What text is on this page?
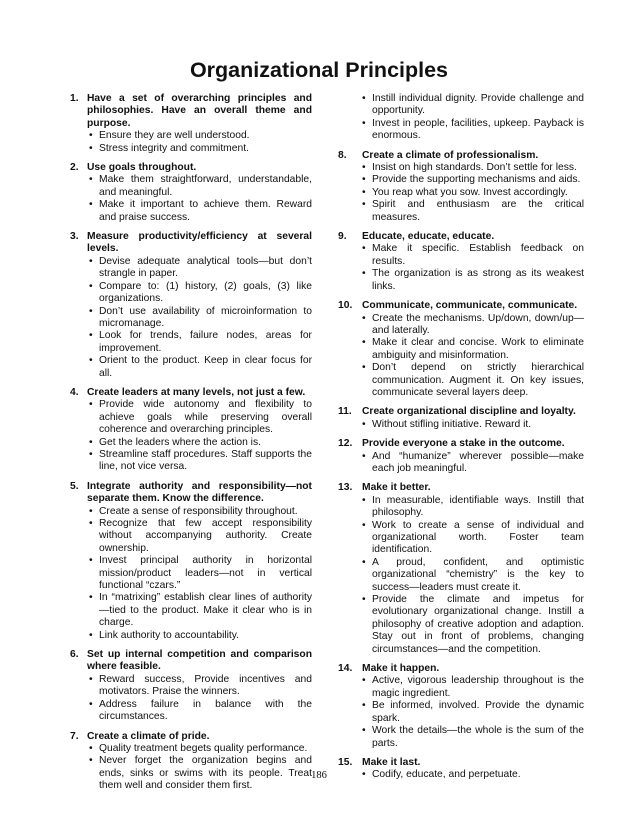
Organizational Principles
1. Have a set of overarching principles and philosophies. Have an overall theme and purpose.
• Ensure they are well understood.
• Stress integrity and commitment.
2. Use goals throughout.
• Make them straightforward, understandable, and meaningful.
• Make it important to achieve them. Reward and praise success.
3. Measure productivity/efficiency at several levels.
• Devise adequate analytical tools—but don’t strangle in paper.
• Compare to: (1) history, (2) goals, (3) like organizations.
• Don’t use availability of microinformation to micromanage.
• Look for trends, failure nodes, areas for improvement.
• Orient to the product. Keep in clear focus for all.
4. Create leaders at many levels, not just a few.
• Provide wide autonomy and flexibility to achieve goals while preserving overall coherence and overarching principles.
• Get the leaders where the action is.
• Streamline staff procedures. Staff supports the line, not vice versa.
5. Integrate authority and responsibility—not separate them. Know the difference.
• Create a sense of responsibility throughout.
• Recognize that few accept responsibility without accompanying authority. Create ownership.
• Invest principal authority in horizontal mission/product leaders—not in vertical functional “czars.”
• In “matrixing” establish clear lines of authority—tied to the product. Make it clear who is in charge.
• Link authority to accountability.
6. Set up internal competition and comparison where feasible.
• Reward success, Provide incentives and motivators. Praise the winners.
• Address failure in balance with the circumstances.
7. Create a climate of pride.
• Quality treatment begets quality performance.
• Never forget the organization begins and ends, sinks or swims with its people. Treat them well and consider them first.
• Instill individual dignity. Provide challenge and opportunity.
• Invest in people, facilities, upkeep. Payback is enormous.
8. Create a climate of professionalism.
• Insist on high standards. Don’t settle for less.
• Provide the supporting mechanisms and aids.
• You reap what you sow. Invest accordingly.
• Spirit and enthusiasm are the critical measures.
9. Educate, educate, educate.
• Make it specific. Establish feedback on results.
• The organization is as strong as its weakest links.
10. Communicate, communicate, communicate.
• Create the mechanisms. Up/down, down/up—and laterally.
• Make it clear and concise. Work to eliminate ambiguity and misinformation.
• Don’t depend on strictly hierarchical communication. Augment it. On key issues, communicate several layers deep.
11. Create organizational discipline and loyalty.
• Without stifling initiative. Reward it.
12. Provide everyone a stake in the outcome.
• And “humanize” wherever possible—make each job meaningful.
13. Make it better.
• In measurable, identifiable ways. Instill that philosophy.
• Work to create a sense of individual and organizational worth. Foster team identification.
• A proud, confident, and optimistic organizational “chemistry” is the key to success—leaders must create it.
• Provide the climate and impetus for evolutionary organizational change. Instill a philosophy of creative adoption and adaption. Stay out in front of problems, changing circumstances—and the competition.
14. Make it happen.
• Active, vigorous leadership throughout is the magic ingredient.
• Be informed, involved. Provide the dynamic spark.
• Work the details—the whole is the sum of the parts.
15. Make it last.
• Codify, educate, and perpetuate.
186
